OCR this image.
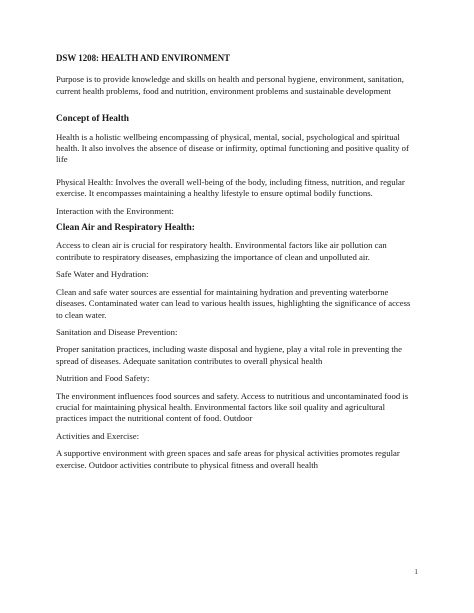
DSW 1208: HEALTH AND ENVIRONMENT

Purpose is to provide knowledge and skills on health and personal hygiene, environment, sanitation, current health problems, food and nutrition, environment problems and sustainable development

Concept of Health

Health is a holistic wellbeing encompassing of physical, mental, social, psychological and spiritual health. It also involves the absence of disease or infirmity, optimal functioning and positive quality of life

Physical Health: Involves the overall well-being of the body, including fitness, nutrition, and regular exercise. It encompasses maintaining a healthy lifestyle to ensure optimal bodily functions.

Interaction with the Environment:

Clean Air and Respiratory Health:

Access to clean air is crucial for respiratory health. Environmental factors like air pollution can contribute to respiratory diseases, emphasizing the importance of clean and unpolluted air.

Safe Water and Hydration:

Clean and safe water sources are essential for maintaining hydration and preventing waterborne diseases. Contaminated water can lead to various health issues, highlighting the significance of access to clean water.

Sanitation and Disease Prevention:

Proper sanitation practices, including waste disposal and hygiene, play a vital role in preventing the spread of diseases. Adequate sanitation contributes to overall physical health

Nutrition and Food Safety:

The environment influences food sources and safety. Access to nutritious and uncontaminated food is crucial for maintaining physical health. Environmental factors like soil quality and agricultural practices impact the nutritional content of food. Outdoor

Activities and Exercise:

A supportive environment with green spaces and safe areas for physical activities promotes regular exercise. Outdoor activities contribute to physical fitness and overall health

1
